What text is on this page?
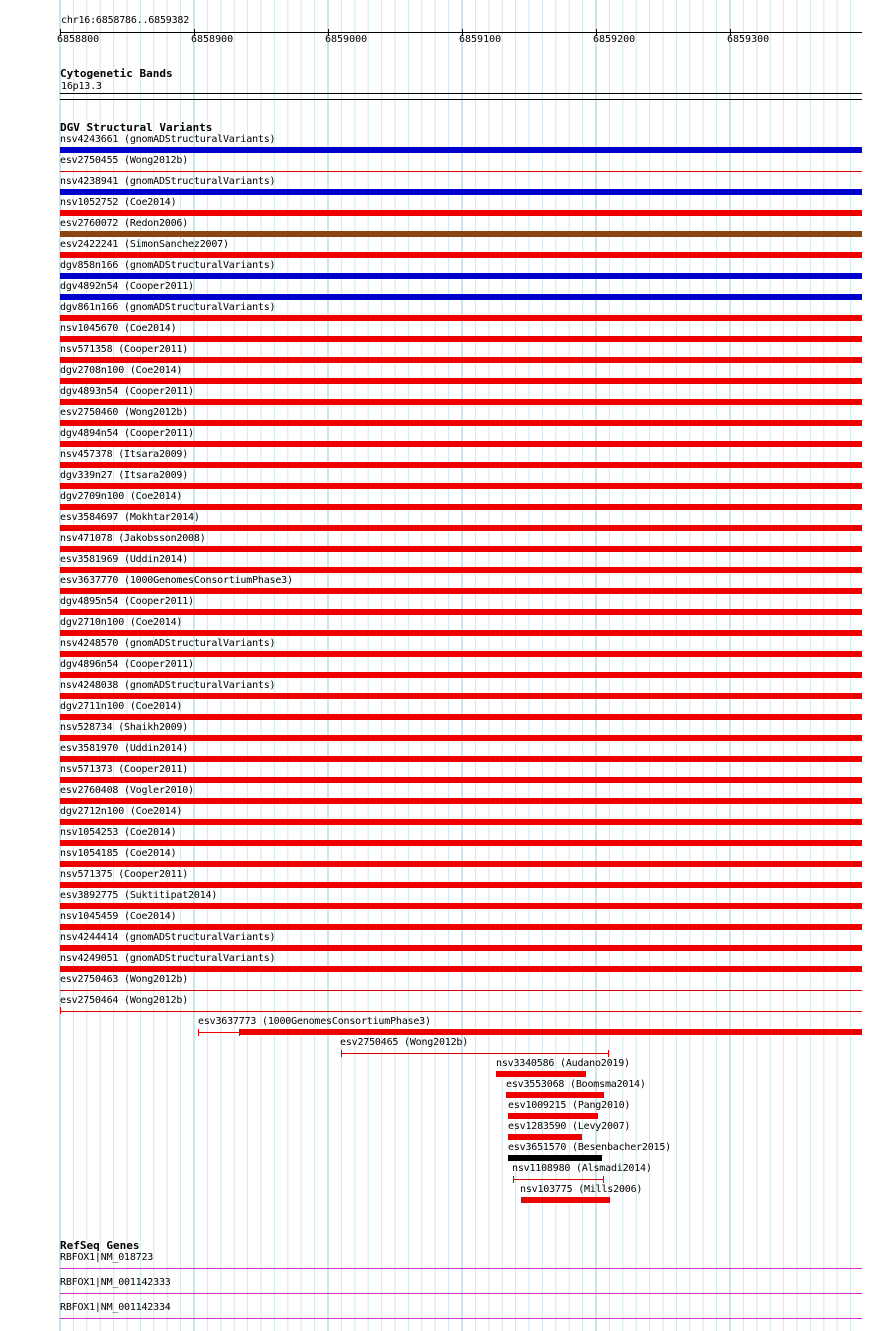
chr16:6858786..6859382
6858800	6858900	6859000	6859100	6859200	6859300
Cytogenetic Bands
16p13.3
DGV Structural Variants
nsv4243661 (gnomADStructuralVariants)
esv2750455 (Wong2012b)
nsv4238941 (gnomADStructuralVariants)
nsv1052752 (Coe2014)
esv2760072 (Redon2006)
esv2422241 (SimonSanchez2007)
dgv858n166 (gnomADStructuralVariants)
dgv4892n54 (Cooper2011)
dgv861n166 (gnomADStructuralVariants)
nsv1045670 (Coe2014)
nsv571358 (Cooper2011)
dgv2708n100 (Coe2014)
dgv4893n54 (Cooper2011)
esv2750460 (Wong2012b)
dgv4894n54 (Cooper2011)
nsv457378 (Itsara2009)
dgv339n27 (Itsara2009)
dgv2709n100 (Coe2014)
esv3584697 (Mokhtar2014)
nsv471078 (Jakobsson2008)
esv3581969 (Uddin2014)
esv3637770 (1000GenomesConsortiumPhase3)
dgv4895n54 (Cooper2011)
dgv2710n100 (Coe2014)
nsv4248570 (gnomADStructuralVariants)
dgv4896n54 (Cooper2011)
nsv4248038 (gnomADStructuralVariants)
dgv2711n100 (Coe2014)
nsv528734 (Shaikh2009)
esv3581970 (Uddin2014)
nsv571373 (Cooper2011)
esv2760408 (Vogler2010)
dgv2712n100 (Coe2014)
nsv1054253 (Coe2014)
nsv1054185 (Coe2014)
nsv571375 (Cooper2011)
esv3892775 (Suktitipat2014)
nsv1045459 (Coe2014)
nsv4244414 (gnomADStructuralVariants)
nsv4249051 (gnomADStructuralVariants)
esv2750463 (Wong2012b)
esv2750464 (Wong2012b)
esv3637773 (1000GenomesConsortiumPhase3)
esv2750465 (Wong2012b)
nsv3340586 (Audano2019)
esv3553068 (Boomsma2014)
esv1009215 (Pang2010)
esv1283590 (Levy2007)
esv3651570 (Besenbacher2015)
nsv1108980 (Alsmadi2014)
nsv103775 (Mills2006)
RefSeq Genes
RBFOX1|NM_018723
RBFOX1|NM_001142333
RBFOX1|NM_001142334
